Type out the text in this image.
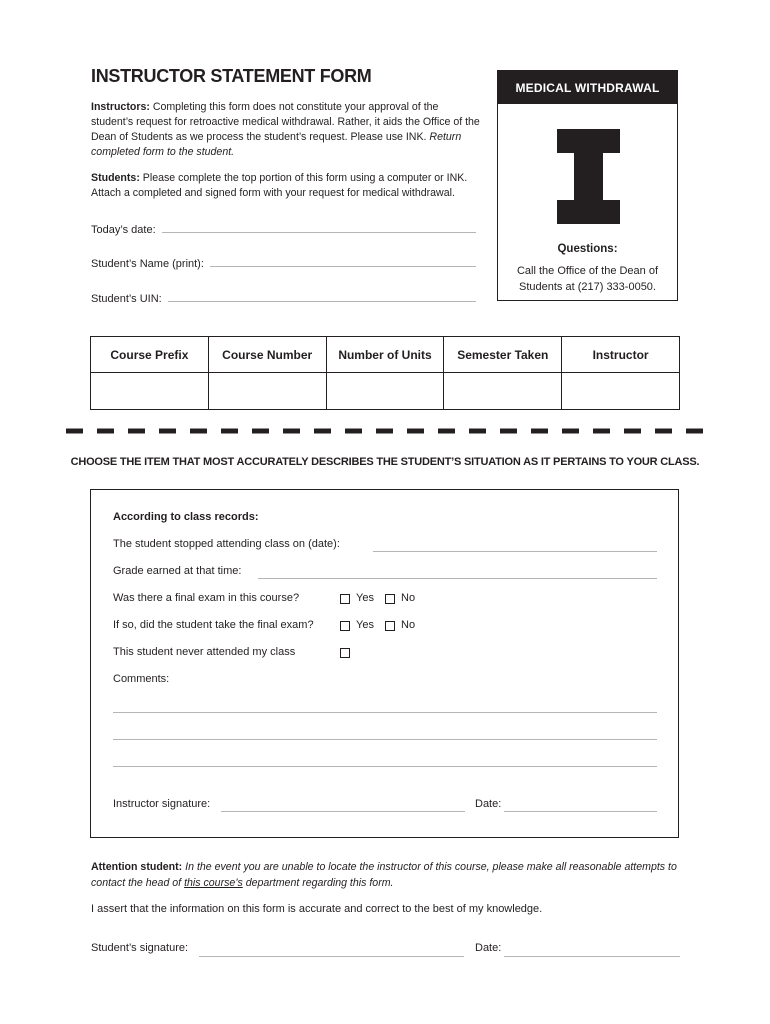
INSTRUCTOR STATEMENT FORM
Instructors: Completing this form does not constitute your approval of the student’s request for retroactive medical withdrawal. Rather, it aids the Office of the Dean of Students as we process the student’s request. Please use INK. Return completed form to the student.
Students: Please complete the top portion of this form using a computer or INK. Attach a completed and signed form with your request for medical withdrawal.
Today’s date:
Student’s Name (print):
Student’s UIN:
MEDICAL WITHDRAWAL
Questions:
Call the Office of the Dean of Students at (217) 333-0050.
Course Prefix	Course Number	Number of Units	Semester Taken	Instructor

CHOOSE THE ITEM THAT MOST ACCURATELY DESCRIBES THE STUDENT’S SITUATION AS IT PERTAINS TO YOUR CLASS.
According to class records:
The student stopped attending class on (date):
Grade earned at that time:
Was there a final exam in this course?	Yes No
If so, did the student take the final exam?	Yes No
This student never attended my class
Comments:
Instructor signature:	Date:
Attention student: In the event you are unable to locate the instructor of this course, please make all reasonable attempts to contact the head of this course’s department regarding this form.
I assert that the information on this form is accurate and correct to the best of my knowledge.
Student’s signature:	Date:
